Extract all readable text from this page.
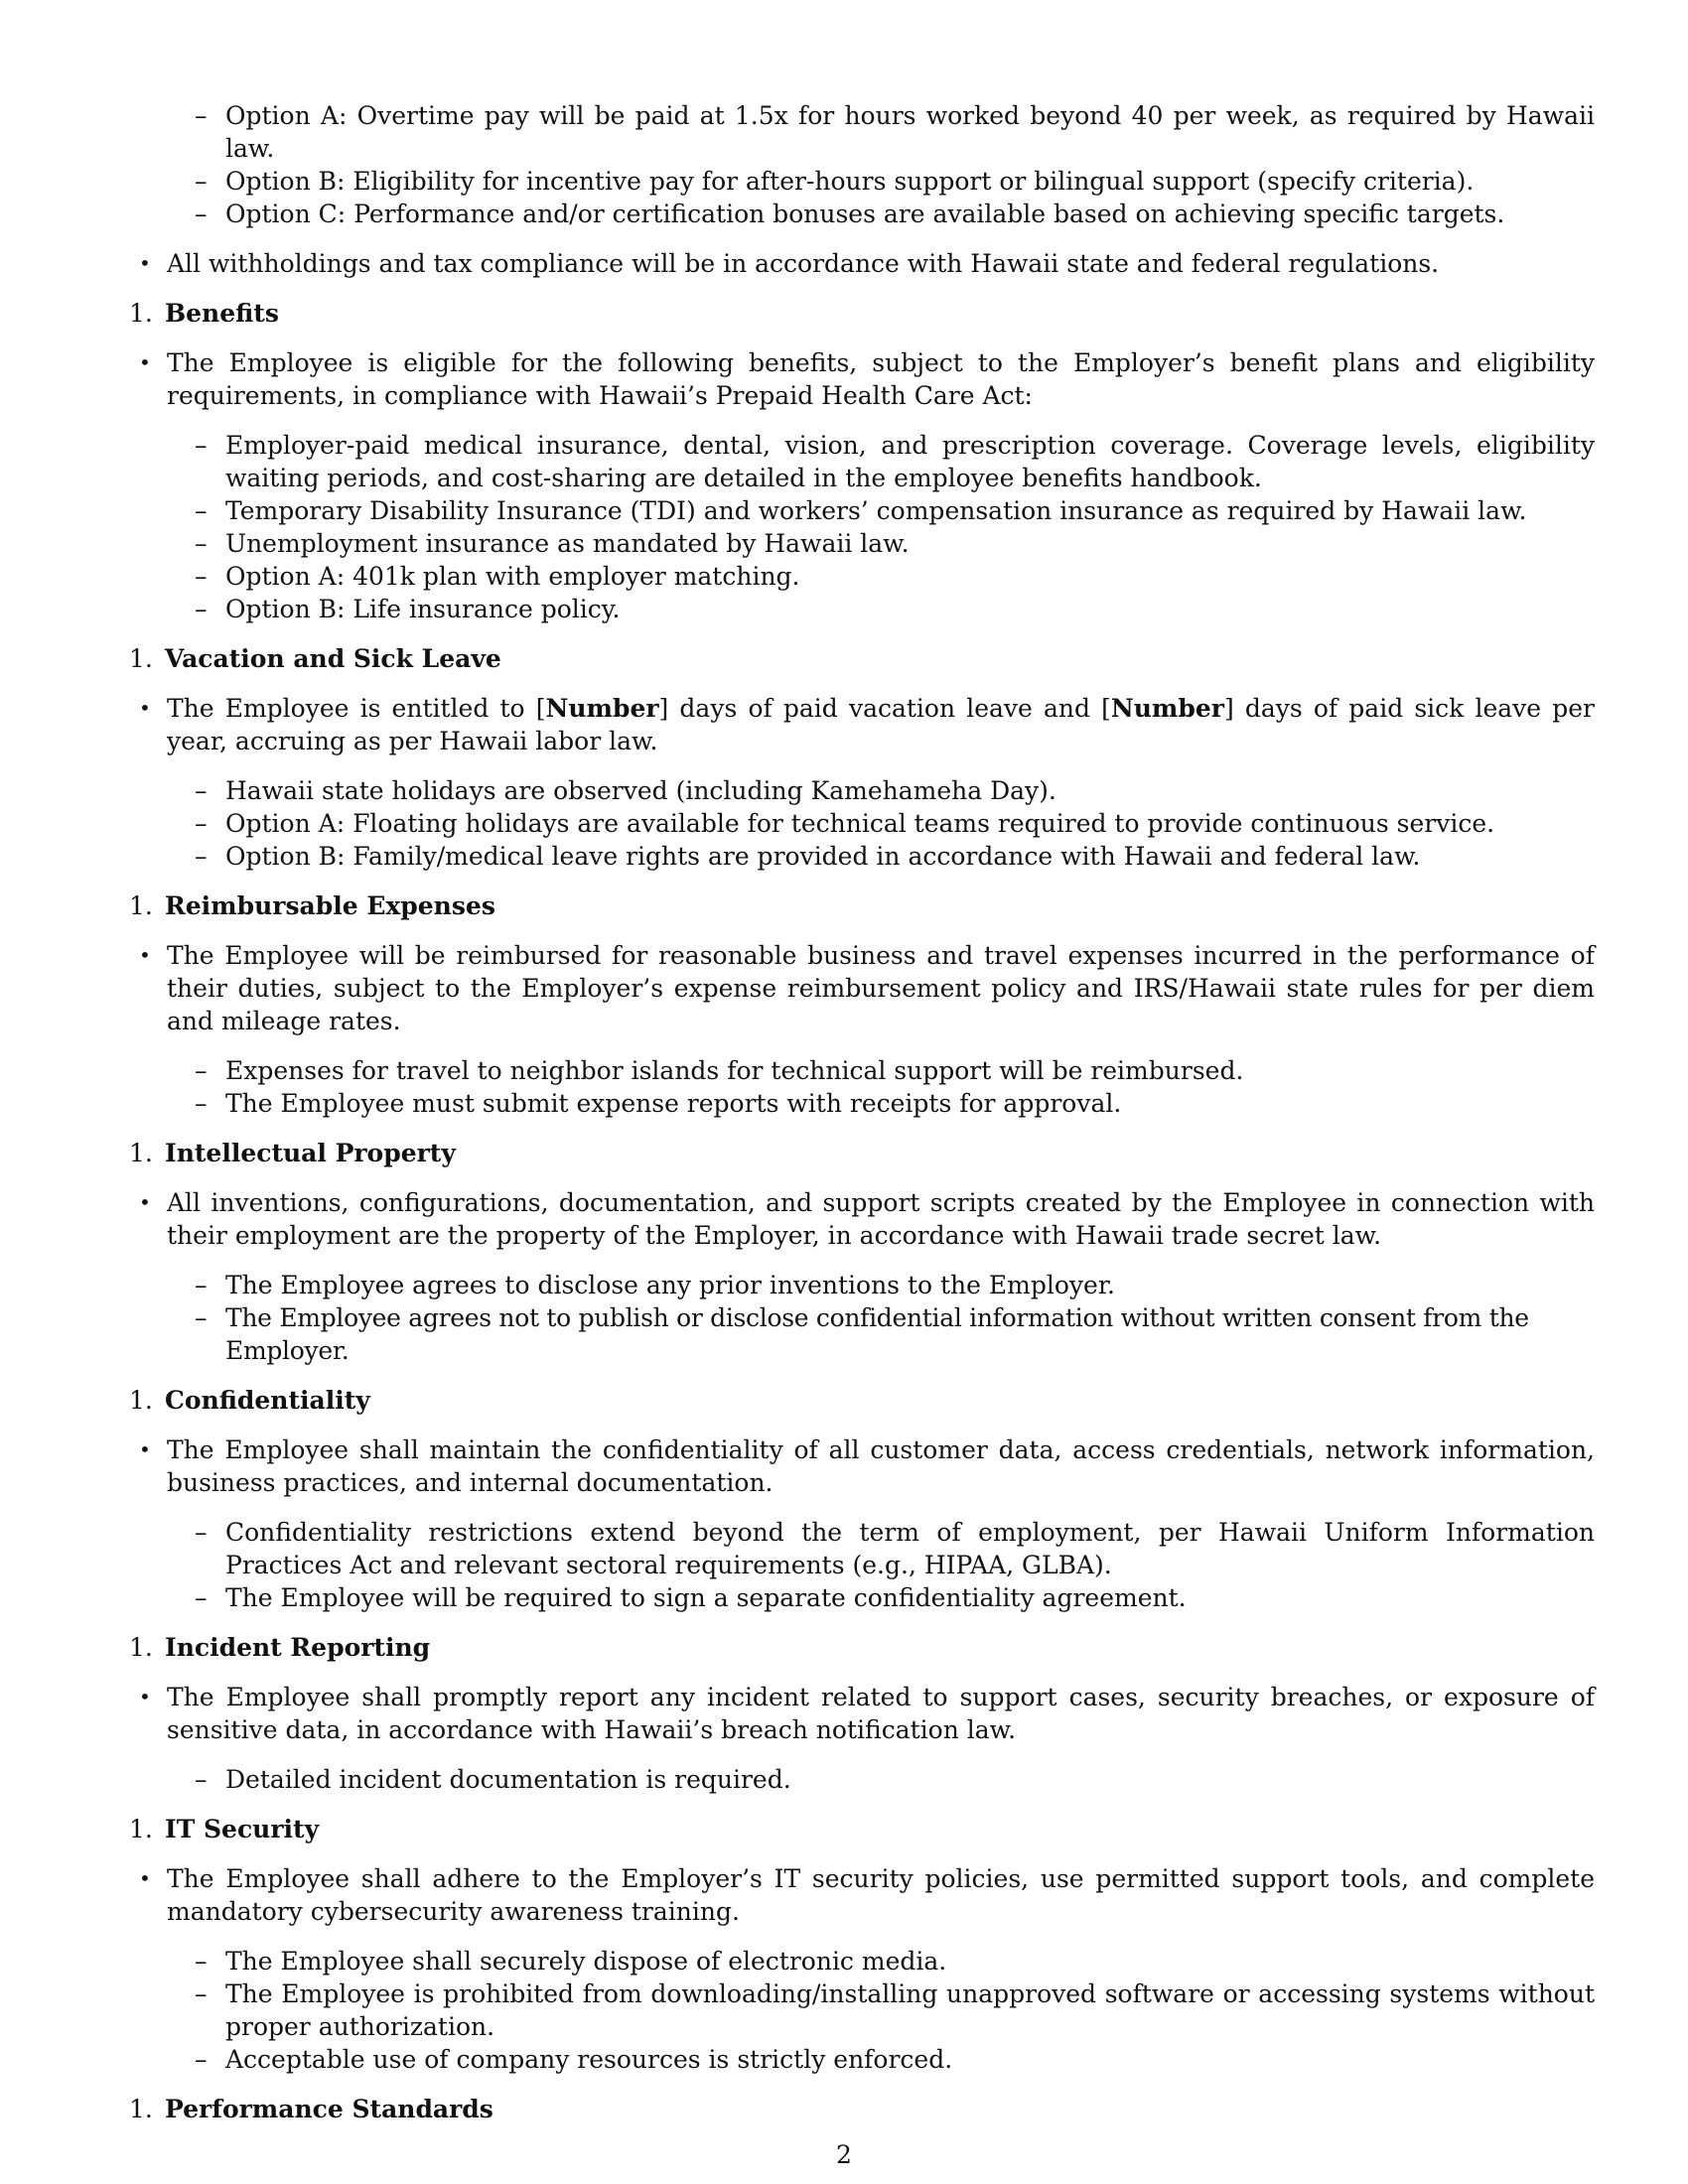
– Option A: Overtime pay will be paid at 1.5x for hours worked beyond 40 per week, as required by Hawaii law.

– Option B: Eligibility for incentive pay for after-hours support or bilingual support (specify criteria).

– Option C: Performance and/or certification bonuses are available based on achieving specific targets.

• All withholdings and tax compliance will be in accordance with Hawaii state and federal regulations.

1. Benefits

• The Employee is eligible for the following benefits, subject to the Employer’s benefit plans and eligibility requirements, in compliance with Hawaii’s Prepaid Health Care Act:

– Employer-paid medical insurance, dental, vision, and prescription coverage. Coverage levels, eligibility waiting periods, and cost-sharing are detailed in the employee benefits handbook.

– Temporary Disability Insurance (TDI) and workers’ compensation insurance as required by Hawaii law.

– Unemployment insurance as mandated by Hawaii law.

– Option A: 401k plan with employer matching.

– Option B: Life insurance policy.

1. Vacation and Sick Leave

• The Employee is entitled to [Number] days of paid vacation leave and [Number] days of paid sick leave per year, accruing as per Hawaii labor law.

– Hawaii state holidays are observed (including Kamehameha Day).

– Option A: Floating holidays are available for technical teams required to provide continuous service.

– Option B: Family/medical leave rights are provided in accordance with Hawaii and federal law.

1. Reimbursable Expenses

• The Employee will be reimbursed for reasonable business and travel expenses incurred in the performance of their duties, subject to the Employer’s expense reimbursement policy and IRS/Hawaii state rules for per diem and mileage rates.

– Expenses for travel to neighbor islands for technical support will be reimbursed.

– The Employee must submit expense reports with receipts for approval.

1. Intellectual Property

• All inventions, configurations, documentation, and support scripts created by the Employee in connection with their employment are the property of the Employer, in accordance with Hawaii trade secret law.

– The Employee agrees to disclose any prior inventions to the Employer.

– The Employee agrees not to publish or disclose confidential information without written consent from the Employer.

1. Confidentiality

• The Employee shall maintain the confidentiality of all customer data, access credentials, network information, business practices, and internal documentation.

– Confidentiality restrictions extend beyond the term of employment, per Hawaii Uniform Information Practices Act and relevant sectoral requirements (e.g., HIPAA, GLBA).

– The Employee will be required to sign a separate confidentiality agreement.

1. Incident Reporting

• The Employee shall promptly report any incident related to support cases, security breaches, or exposure of sensitive data, in accordance with Hawaii’s breach notification law.

– Detailed incident documentation is required.

1. IT Security

• The Employee shall adhere to the Employer’s IT security policies, use permitted support tools, and complete mandatory cybersecurity awareness training.

– The Employee shall securely dispose of electronic media.

– The Employee is prohibited from downloading/installing unapproved software or accessing systems without proper authorization.

– Acceptable use of company resources is strictly enforced.

1. Performance Standards

2
